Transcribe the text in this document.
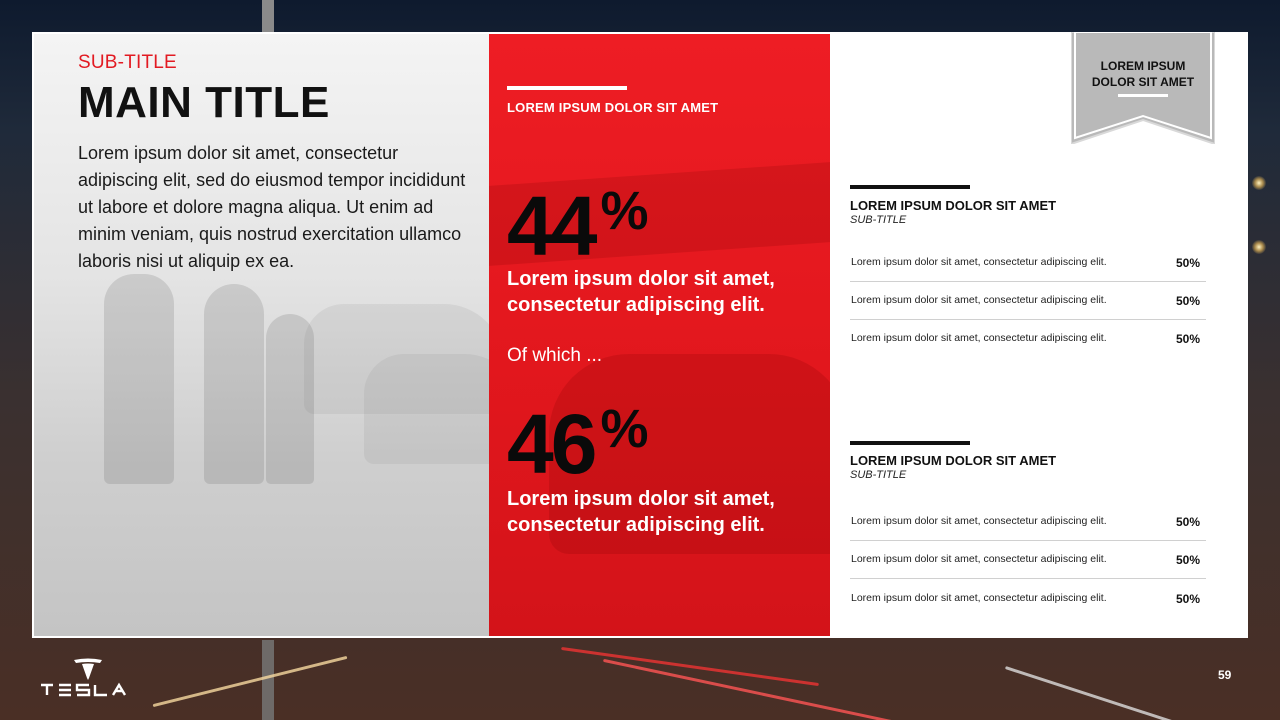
SUB-TITLE
MAIN TITLE
Lorem ipsum dolor sit amet, consectetur adipiscing elit, sed do eiusmod tempor incididunt ut labore et dolore magna aliqua. Ut enim ad minim veniam, quis nostrud exercitation ullamco laboris nisi ut aliquip ex ea.
LOREM IPSUM DOLOR SIT AMET
44 %
Lorem ipsum dolor sit amet, consectetur adipiscing elit.
Of which ...
46 %
Lorem ipsum dolor sit amet, consectetur adipiscing elit.
LOREM IPSUM
DOLOR SIT AMET
LOREM IPSUM DOLOR SIT AMET
SUB-TITLE
Lorem ipsum dolor sit amet, consectetur adipiscing elit.	50%
Lorem ipsum dolor sit amet, consectetur adipiscing elit.	50%
Lorem ipsum dolor sit amet, consectetur adipiscing elit.	50%
LOREM IPSUM DOLOR SIT AMET
SUB-TITLE
Lorem ipsum dolor sit amet, consectetur adipiscing elit.	50%
Lorem ipsum dolor sit amet, consectetur adipiscing elit.	50%
Lorem ipsum dolor sit amet, consectetur adipiscing elit.	50%
59
